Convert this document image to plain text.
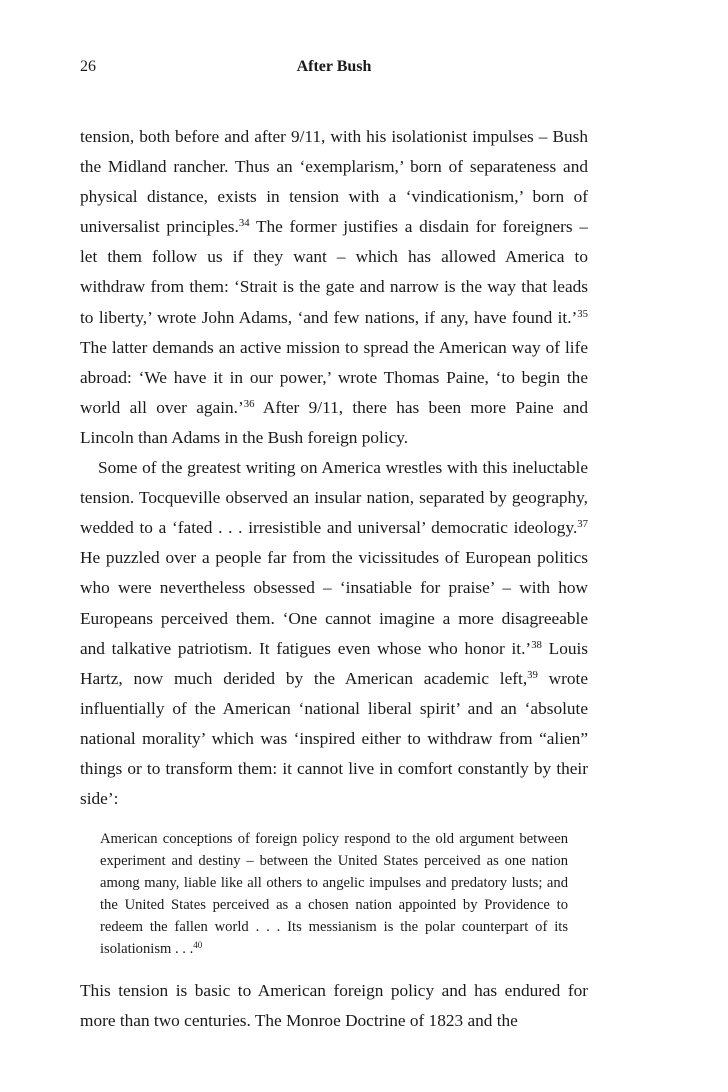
26	After Bush

tension, both before and after 9/11, with his isolationist impulses – Bush the Midland rancher. Thus an ‘exemplarism,’ born of separateness and physical distance, exists in tension with a ‘vindicationism,’ born of universalist principles.$^{34}$ The former justifies a disdain for foreigners – let them follow us if they want – which has allowed America to withdraw from them: ‘Strait is the gate and narrow is the way that leads to liberty,’ wrote John Adams, ‘and few nations, if any, have found it.’$^{35}$ The latter demands an active mission to spread the American way of life abroad: ‘We have it in our power,’ wrote Thomas Paine, ‘to begin the world all over again.’$^{36}$ After 9/11, there has been more Paine and Lincoln than Adams in the Bush foreign policy.

Some of the greatest writing on America wrestles with this ineluctable tension. Tocqueville observed an insular nation, separated by geography, wedded to a ‘fated . . . irresistible and universal’ democratic ideology.$^{37}$ He puzzled over a people far from the vicissitudes of European politics who were nevertheless obsessed – ‘insatiable for praise’ – with how Europeans perceived them. ‘One cannot imagine a more disagreeable and talkative patriotism. It fatigues even whose who honor it.’$^{38}$ Louis Hartz, now much derided by the American academic left,$^{39}$ wrote influentially of the American ‘national liberal spirit’ and an ‘absolute national morality’ which was ‘inspired either to withdraw from “alien” things or to transform them: it cannot live in comfort constantly by their side’:

American conceptions of foreign policy respond to the old argument between experiment and destiny – between the United States perceived as one nation among many, liable like all others to angelic impulses and predatory lusts; and the United States perceived as a chosen nation appointed by Providence to redeem the fallen world . . . Its messianism is the polar counterpart of its isolationism . . .$^{40}$

This tension is basic to American foreign policy and has endured for more than two centuries. The Monroe Doctrine of 1823 and the
